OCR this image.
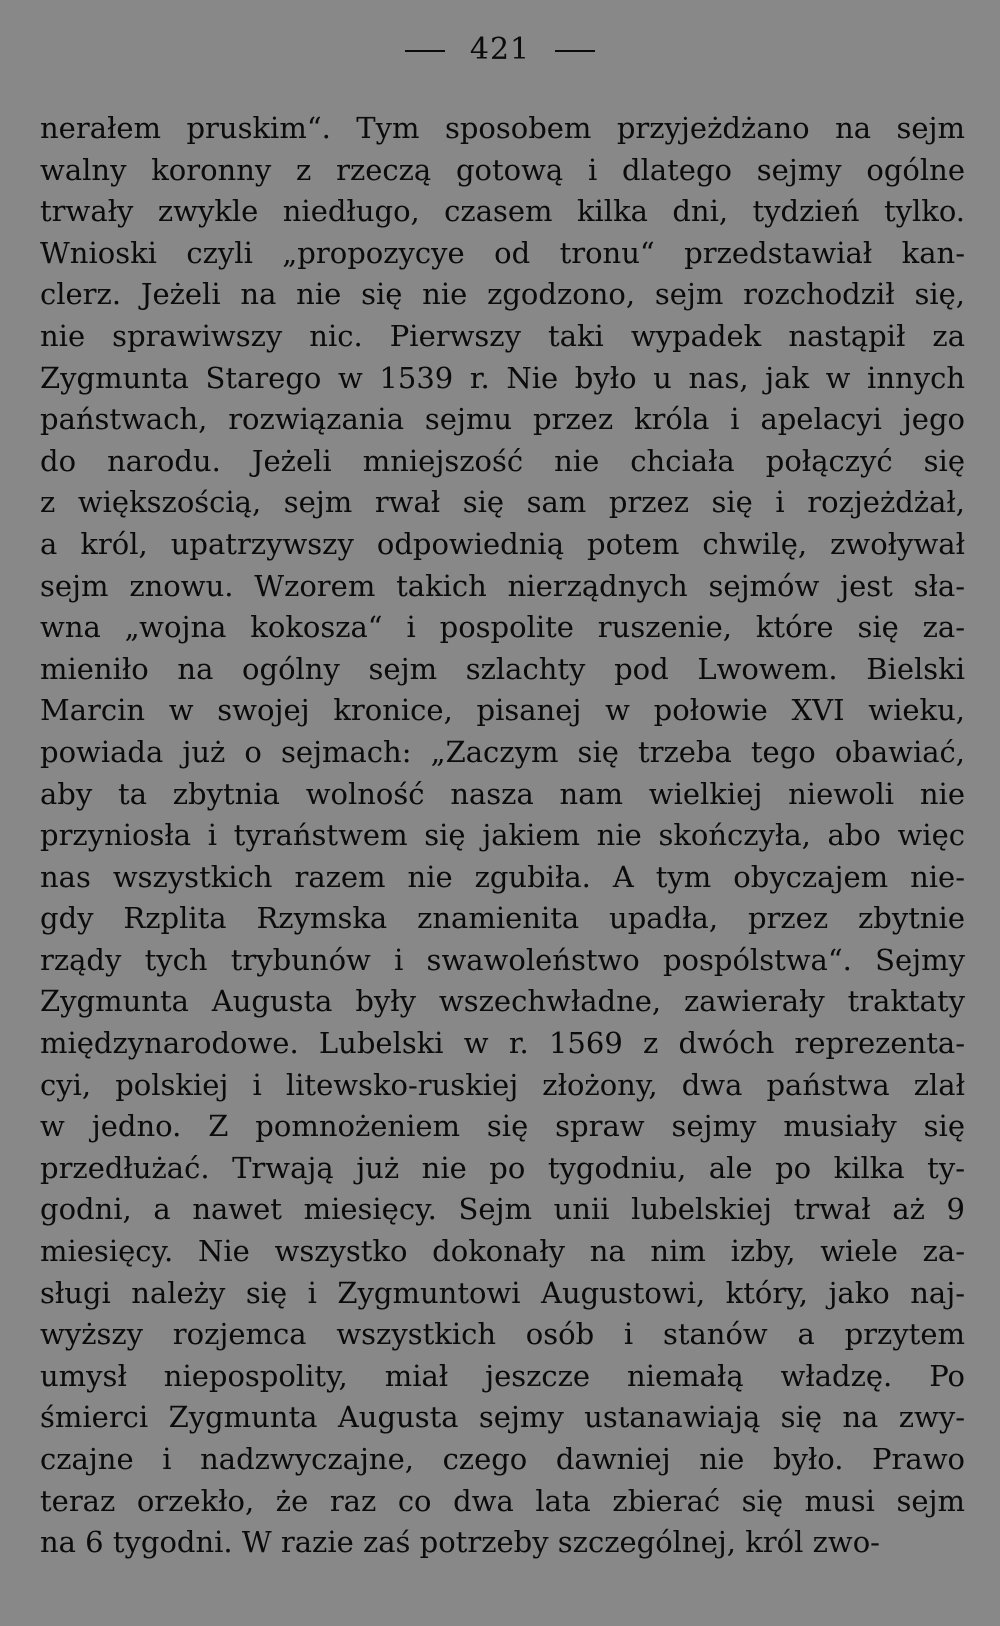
421
nerałem pruskim“. Tym sposobem przyjeżdżano na sejm
walny koronny z rzeczą gotową i dlatego sejmy ogólne
trwały zwykle niedługo, czasem kilka dni, tydzień tylko.
Wnioski czyli „propozycye od tronu“ przedstawiał kan-
clerz. Jeżeli na nie się nie zgodzono, sejm rozchodził się,
nie sprawiwszy nic. Pierwszy taki wypadek nastąpił za
Zygmunta Starego w 1539 r. Nie było u nas, jak w innych
państwach, rozwiązania sejmu przez króla i apelacyi jego
do narodu. Jeżeli mniejszość nie chciała połączyć się
z większością, sejm rwał się sam przez się i rozjeżdżał,
a król, upatrzywszy odpowiednią potem chwilę, zwoływał
sejm znowu. Wzorem takich nierządnych sejmów jest sła-
wna „wojna kokosza“ i pospolite ruszenie, które się za-
mieniło na ogólny sejm szlachty pod Lwowem. Bielski
Marcin w swojej kronice, pisanej w połowie XVI wieku,
powiada już o sejmach: „Zaczym się trzeba tego obawiać,
aby ta zbytnia wolność nasza nam wielkiej niewoli nie
przyniosła i tyraństwem się jakiem nie skończyła, abo więc
nas wszystkich razem nie zgubiła. A tym obyczajem nie-
gdy Rzplita Rzymska znamienita upadła, przez zbytnie
rządy tych trybunów i swawoleństwo pospólstwa“. Sejmy
Zygmunta Augusta były wszechwładne, zawierały traktaty
międzynarodowe. Lubelski w r. 1569 z dwóch reprezenta-
cyi, polskiej i litewsko-ruskiej złożony, dwa państwa zlał
w jedno. Z pomnożeniem się spraw sejmy musiały się
przedłużać. Trwają już nie po tygodniu, ale po kilka ty-
godni, a nawet miesięcy. Sejm unii lubelskiej trwał aż 9
miesięcy. Nie wszystko dokonały na nim izby, wiele za-
sługi należy się i Zygmuntowi Augustowi, który, jako naj-
wyższy rozjemca wszystkich osób i stanów a przytem
umysł niepospolity, miał jeszcze niemałą władzę. Po
śmierci Zygmunta Augusta sejmy ustanawiają się na zwy-
czajne i nadzwyczajne, czego dawniej nie było. Prawo
teraz orzekło, że raz co dwa lata zbierać się musi sejm
na 6 tygodni. W razie zaś potrzeby szczególnej, król zwo-
